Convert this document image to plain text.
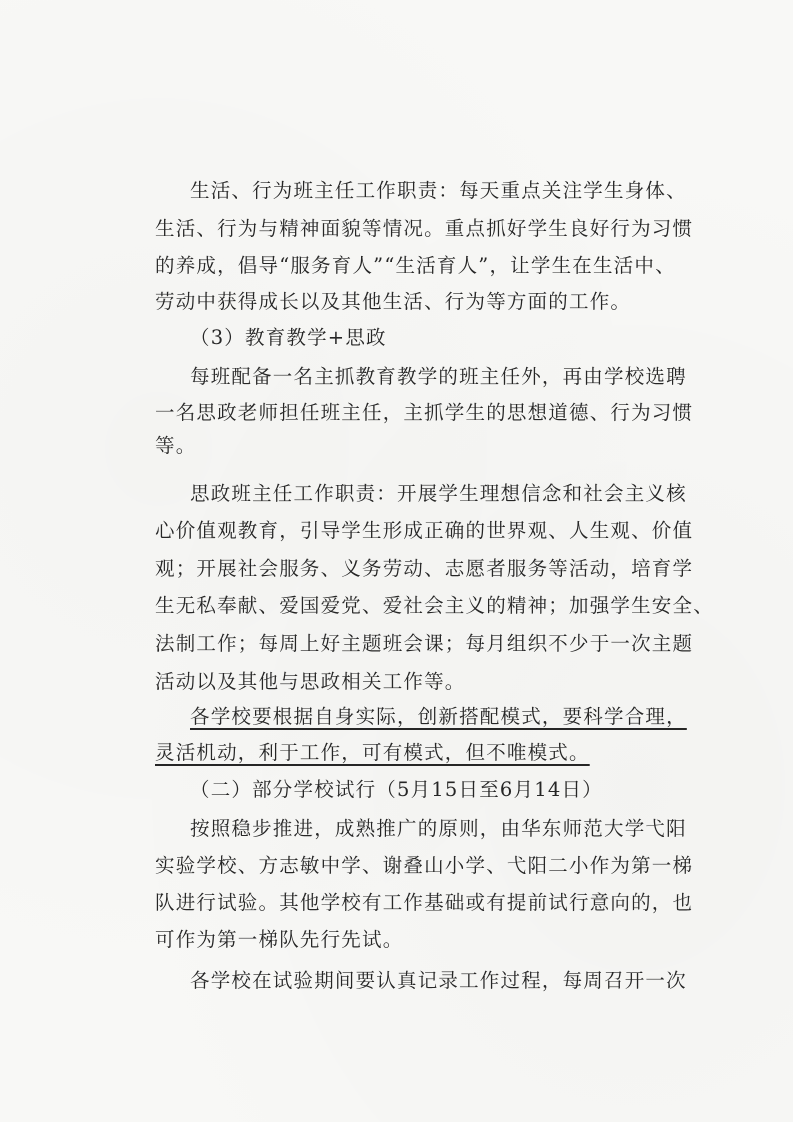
生活、行为班主任工作职责：每天重点关注学生身体、
生活、行为与精神面貌等情况。重点抓好学生良好行为习惯
的养成，倡导“服务育人”“生活育人”，让学生在生活中、
劳动中获得成长以及其他生活、行为等方面的工作。
（3）教育教学+思政
每班配备一名主抓教育教学的班主任外，再由学校选聘
一名思政老师担任班主任，主抓学生的思想道德、行为习惯
等。
思政班主任工作职责：开展学生理想信念和社会主义核
心价值观教育，引导学生形成正确的世界观、人生观、价值
观；开展社会服务、义务劳动、志愿者服务等活动，培育学
生无私奉献、爱国爱党、爱社会主义的精神；加强学生安全、
法制工作；每周上好主题班会课；每月组织不少于一次主题
活动以及其他与思政相关工作等。
各学校要根据自身实际，创新搭配模式，要科学合理，
灵活机动，利于工作，可有模式，但不唯模式。
（二）部分学校试行（5月15日至6月14日）
按照稳步推进，成熟推广的原则，由华东师范大学弋阳
实验学校、方志敏中学、谢叠山小学、弋阳二小作为第一梯
队进行试验。其他学校有工作基础或有提前试行意向的，也
可作为第一梯队先行先试。
各学校在试验期间要认真记录工作过程，每周召开一次
